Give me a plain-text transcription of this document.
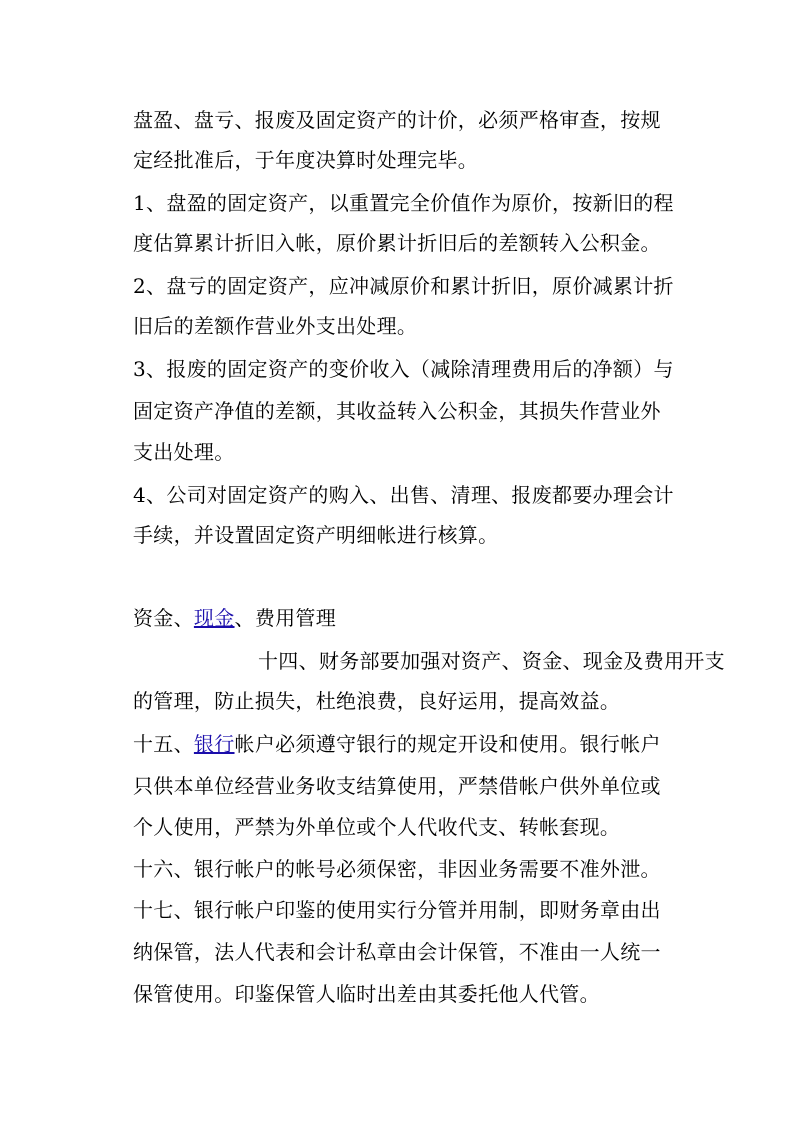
盘盈、盘亏、报废及固定资产的计价，必须严格审查，按规
定经批准后，于年度决算时处理完毕。
1、盘盈的固定资产，以重置完全价值作为原价，按新旧的程
度估算累计折旧入帐，原价累计折旧后的差额转入公积金。
2、盘亏的固定资产，应冲减原价和累计折旧，原价减累计折
旧后的差额作营业外支出处理。
3、报废的固定资产的变价收入（减除清理费用后的净额）与
固定资产净值的差额，其收益转入公积金，其损失作营业外
支出处理。
4、公司对固定资产的购入、出售、清理、报废都要办理会计
手续，并设置固定资产明细帐进行核算。
资金、现金、费用管理
十四、财务部要加强对资产、资金、现金及费用开支
的管理，防止损失，杜绝浪费，良好运用，提高效益。
十五、银行帐户必须遵守银行的规定开设和使用。银行帐户
只供本单位经营业务收支结算使用，严禁借帐户供外单位或
个人使用，严禁为外单位或个人代收代支、转帐套现。
十六、银行帐户的帐号必须保密，非因业务需要不准外泄。
十七、银行帐户印鉴的使用实行分管并用制，即财务章由出
纳保管，法人代表和会计私章由会计保管，不准由一人统一
保管使用。印鉴保管人临时出差由其委托他人代管。
